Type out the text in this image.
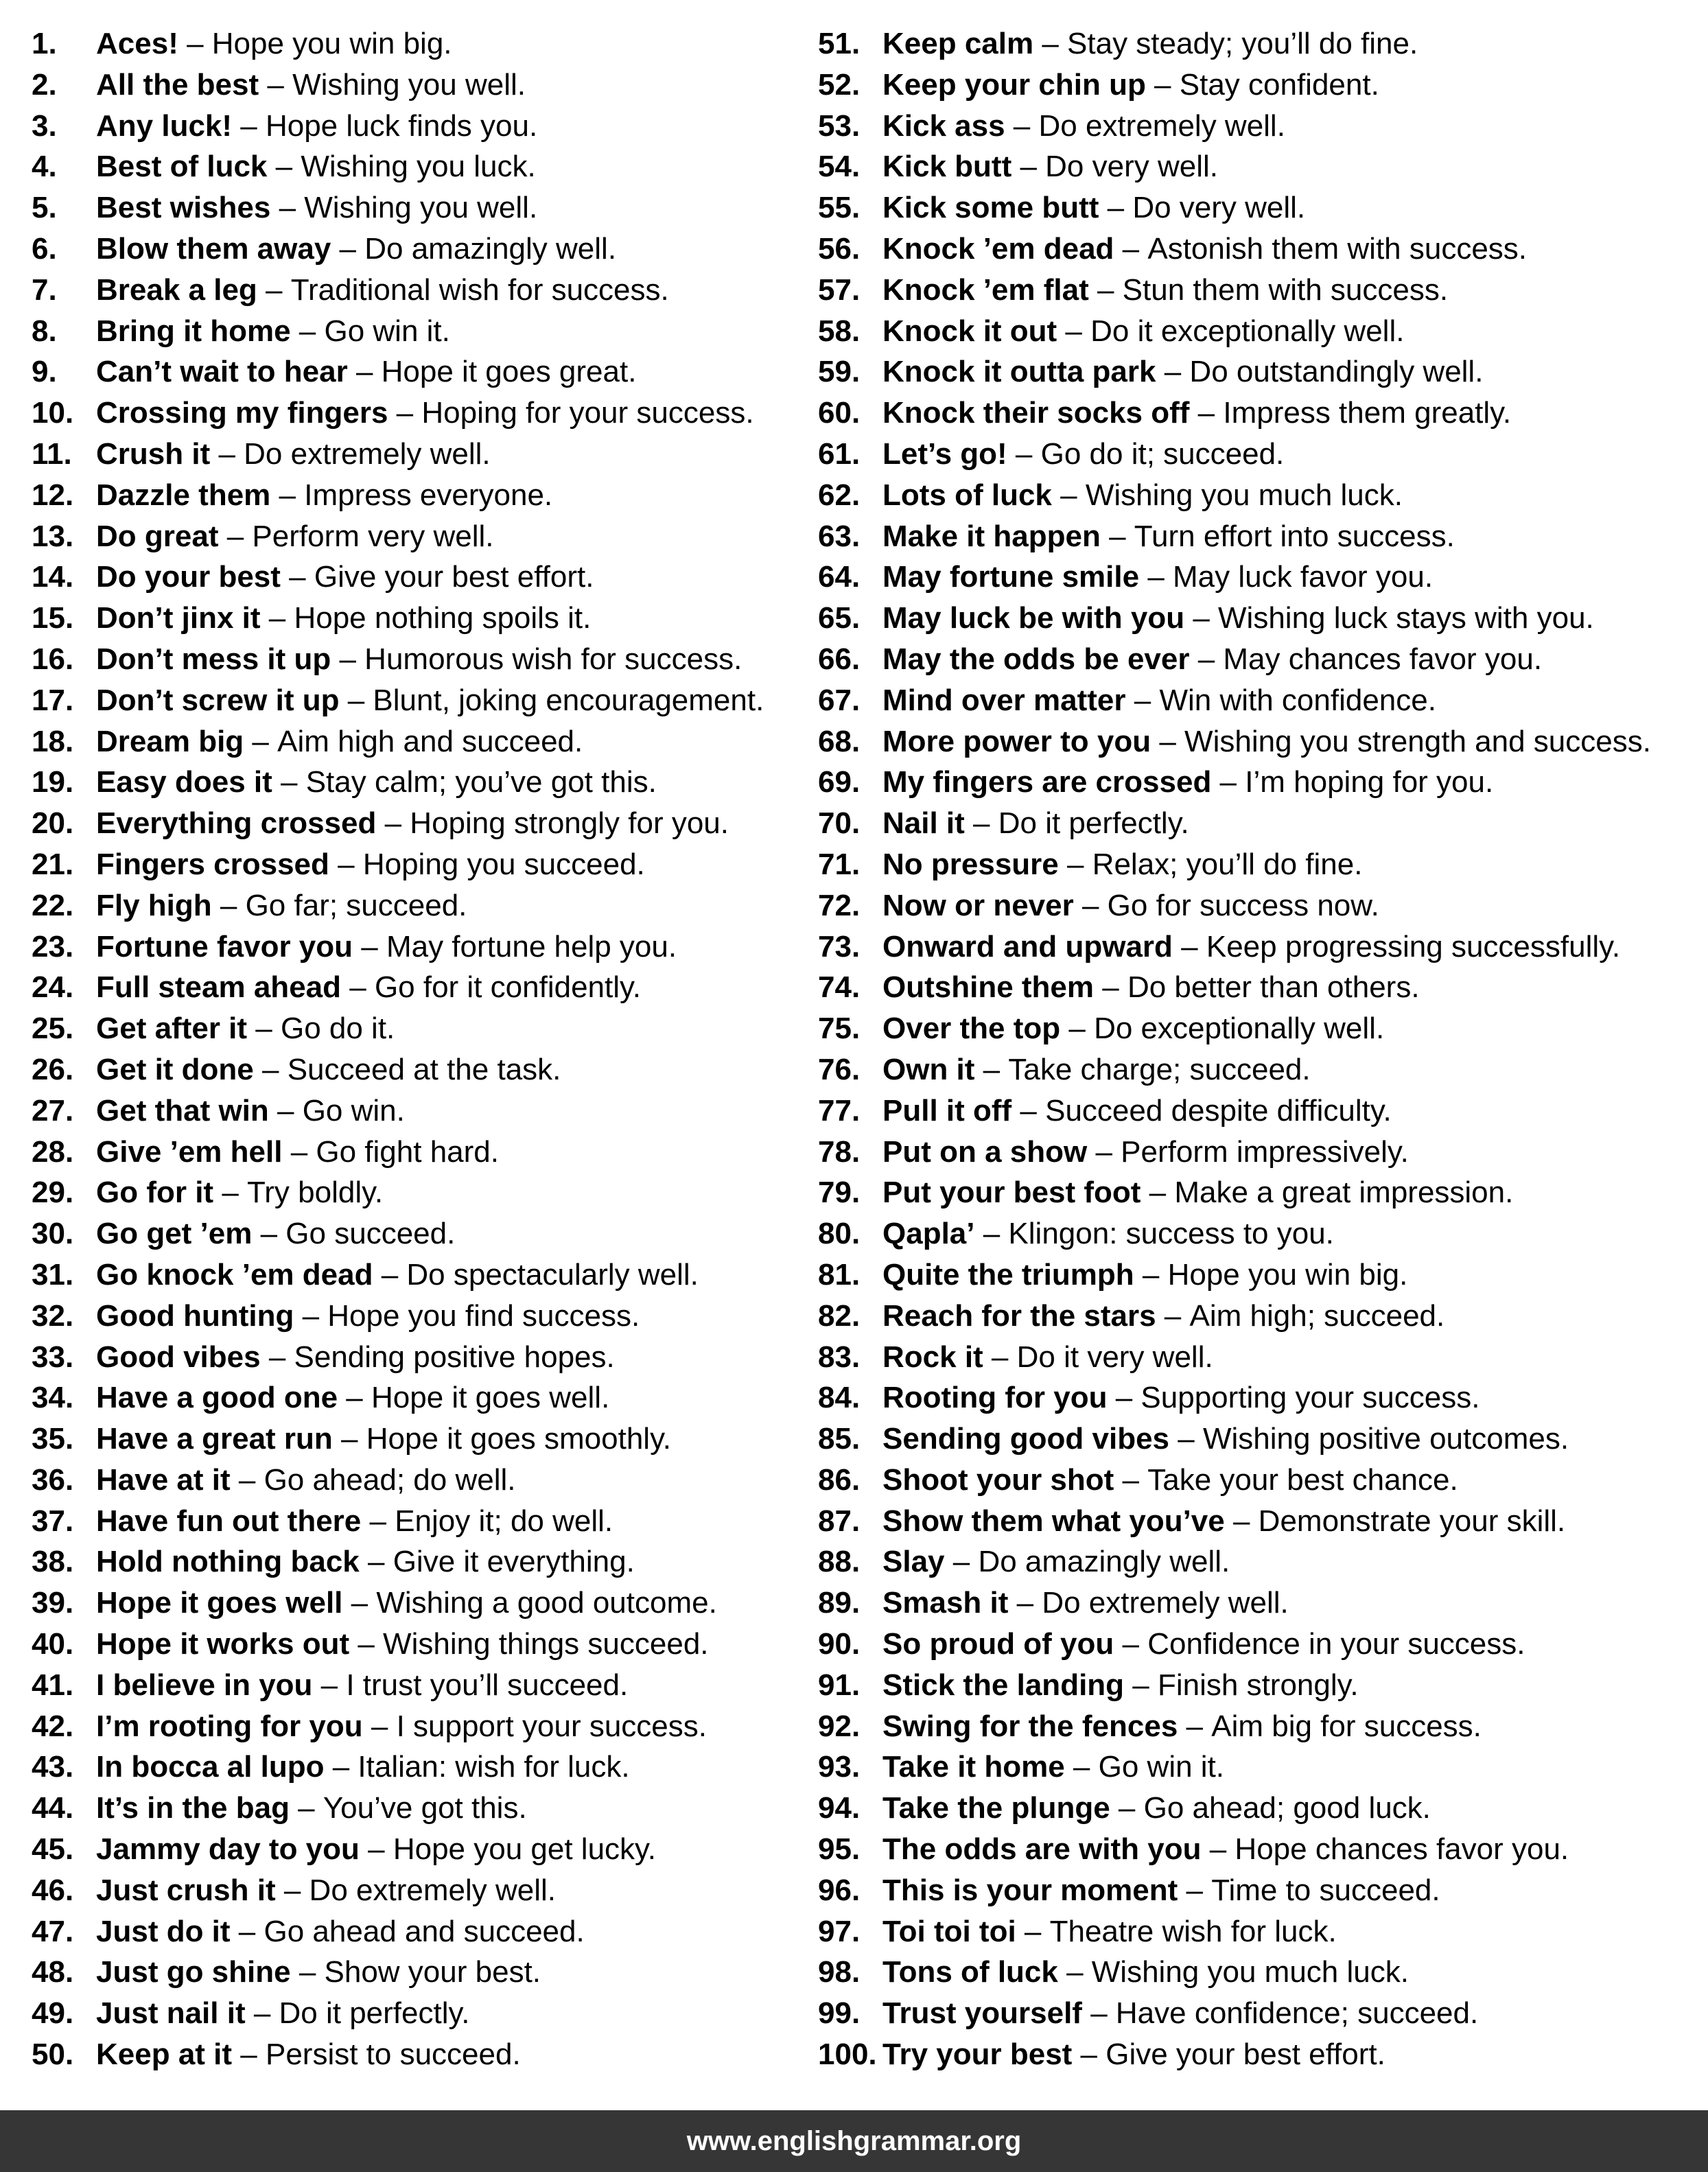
1.	Aces! – Hope you win big.
2.	All the best – Wishing you well.
3.	Any luck! – Hope luck finds you.
4.	Best of luck – Wishing you luck.
5.	Best wishes – Wishing you well.
6.	Blow them away – Do amazingly well.
7.	Break a leg – Traditional wish for success.
8.	Bring it home – Go win it.
9.	Can’t wait to hear – Hope it goes great.
10. Crossing my fingers – Hoping for your success.
11. Crush it – Do extremely well.
12. Dazzle them – Impress everyone.
13. Do great – Perform very well.
14. Do your best – Give your best effort.
15. Don’t jinx it – Hope nothing spoils it.
16. Don’t mess it up – Humorous wish for success.
17. Don’t screw it up – Blunt, joking encouragement.
18. Dream big – Aim high and succeed.
19. Easy does it – Stay calm; you’ve got this.
20. Everything crossed – Hoping strongly for you.
21. Fingers crossed – Hoping you succeed.
22. Fly high – Go far; succeed.
23. Fortune favor you – May fortune help you.
24. Full steam ahead – Go for it confidently.
25. Get after it – Go do it.
26. Get it done – Succeed at the task.
27. Get that win – Go win.
28. Give ’em hell – Go fight hard.
29. Go for it – Try boldly.
30. Go get ’em – Go succeed.
31. Go knock ’em dead – Do spectacularly well.
32. Good hunting – Hope you find success.
33. Good vibes – Sending positive hopes.
34. Have a good one – Hope it goes well.
35. Have a great run – Hope it goes smoothly.
36. Have at it – Go ahead; do well.
37. Have fun out there – Enjoy it; do well.
38. Hold nothing back – Give it everything.
39. Hope it goes well – Wishing a good outcome.
40. Hope it works out – Wishing things succeed.
41. I believe in you – I trust you’ll succeed.
42. I’m rooting for you – I support your success.
43. In bocca al lupo – Italian: wish for luck.
44. It’s in the bag – You’ve got this.
45. Jammy day to you – Hope you get lucky.
46. Just crush it – Do extremely well.
47. Just do it – Go ahead and succeed.
48. Just go shine – Show your best.
49. Just nail it – Do it perfectly.
50. Keep at it – Persist to succeed.
51. Keep calm – Stay steady; you’ll do fine.
52. Keep your chin up – Stay confident.
53. Kick ass – Do extremely well.
54. Kick butt – Do very well.
55. Kick some butt – Do very well.
56. Knock ’em dead – Astonish them with success.
57. Knock ’em flat – Stun them with success.
58. Knock it out – Do it exceptionally well.
59. Knock it outta park – Do outstandingly well.
60. Knock their socks off – Impress them greatly.
61. Let’s go! – Go do it; succeed.
62. Lots of luck – Wishing you much luck.
63. Make it happen – Turn effort into success.
64. May fortune smile – May luck favor you.
65. May luck be with you – Wishing luck stays with you.
66. May the odds be ever – May chances favor you.
67. Mind over matter – Win with confidence.
68. More power to you – Wishing you strength and success.
69. My fingers are crossed – I’m hoping for you.
70. Nail it – Do it perfectly.
71. No pressure – Relax; you’ll do fine.
72. Now or never – Go for success now.
73. Onward and upward – Keep progressing successfully.
74. Outshine them – Do better than others.
75. Over the top – Do exceptionally well.
76. Own it – Take charge; succeed.
77. Pull it off – Succeed despite difficulty.
78. Put on a show – Perform impressively.
79. Put your best foot – Make a great impression.
80. Qapla’ – Klingon: success to you.
81. Quite the triumph – Hope you win big.
82. Reach for the stars – Aim high; succeed.
83. Rock it – Do it very well.
84. Rooting for you – Supporting your success.
85. Sending good vibes – Wishing positive outcomes.
86. Shoot your shot – Take your best chance.
87. Show them what you’ve – Demonstrate your skill.
88. Slay – Do amazingly well.
89. Smash it – Do extremely well.
90. So proud of you – Confidence in your success.
91. Stick the landing – Finish strongly.
92. Swing for the fences – Aim big for success.
93. Take it home – Go win it.
94. Take the plunge – Go ahead; good luck.
95. The odds are with you – Hope chances favor you.
96. This is your moment – Time to succeed.
97. Toi toi toi – Theatre wish for luck.
98. Tons of luck – Wishing you much luck.
99. Trust yourself – Have confidence; succeed.
100. Try your best – Give your best effort.
www.englishgrammar.org
